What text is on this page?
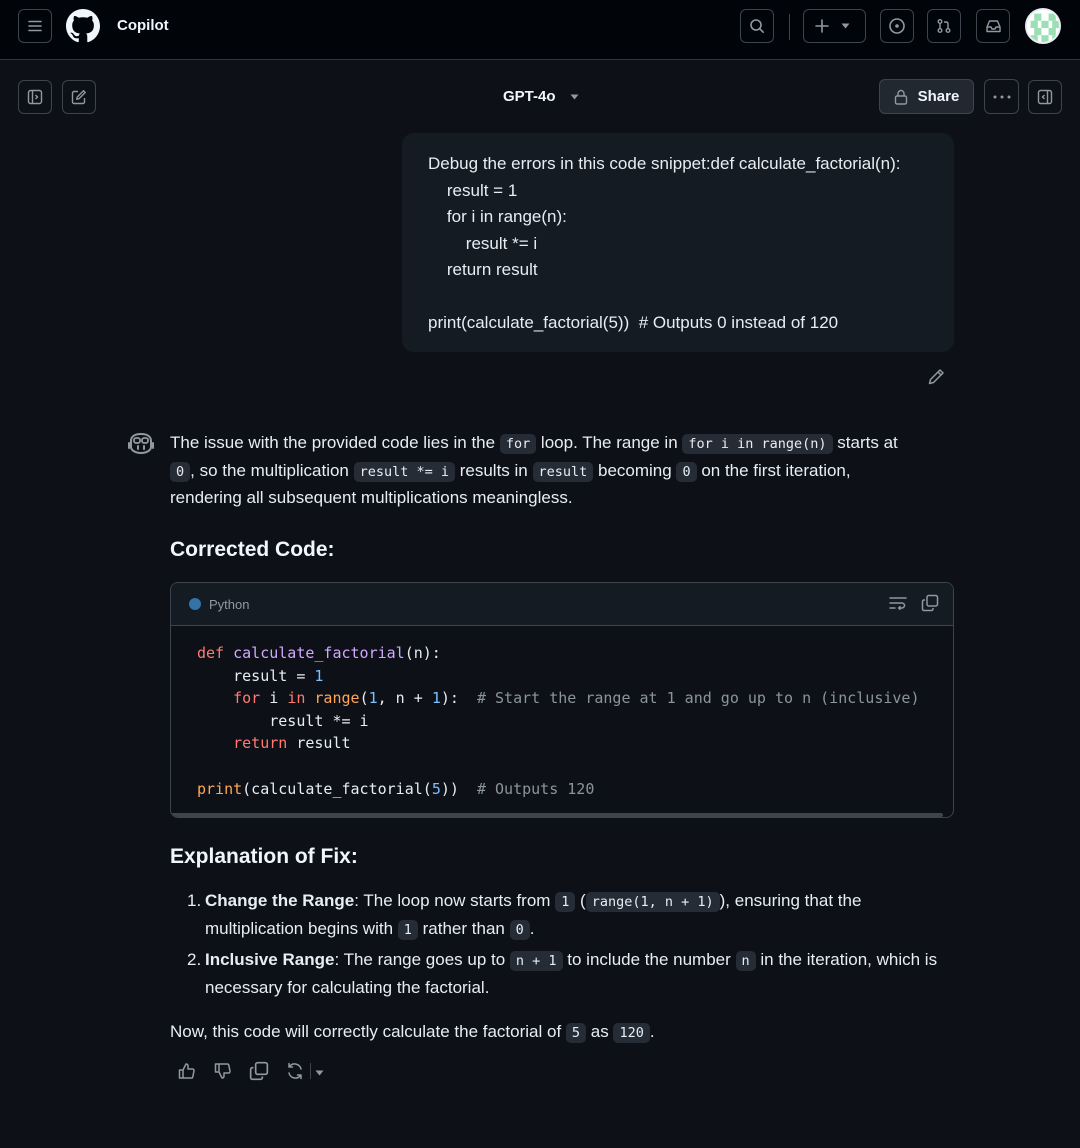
Copilot
GPT-4o	Share
Debug the errors in this code snippet:def calculate_factorial(n):
result = 1
for i in range(n):
result *= i
return result
print(calculate_factorial(5))  # Outputs 0 instead of 120

The issue with the provided code lies in the for loop. The range in for i in range(n) starts at
0 , so the multiplication result *= i results in result becoming 0 on the first iteration,
rendering all subsequent multiplications meaningless.

Corrected Code:
Python
def calculate_factorial(n):
result = 1
for i in range(1, n + 1): # Start the range at 1 and go up to n (inclusive)
result *= i
return result
print(calculate_factorial(5)) # Outputs 120
Explanation of Fix:
1. Change the Range: The loop now starts from 1 ( range(1, n + 1) ), ensuring that the
multiplication begins with 1 rather than 0 .
2. Inclusive Range: The range goes up to n + 1 to include the number n in the iteration, which is
necessary for calculating the factorial.

Now, this code will correctly calculate the factorial of 5 as 120 .
